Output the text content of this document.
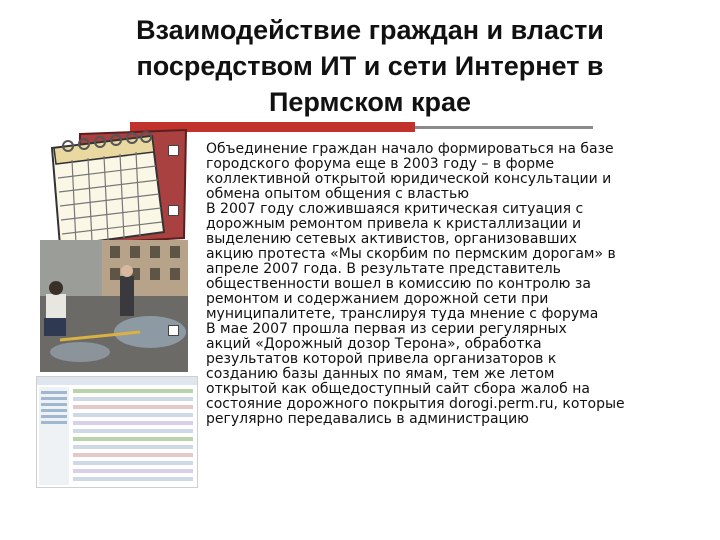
Взаимодействие граждан и власти
посредством ИТ и сети Интернет в
Пермском крае
Объединение граждан начало формироваться на базе
городского форума еще в 2003 году – в форме
коллективной открытой юридической консультации и
обмена опытом общения с властью
В 2007 году сложившаяся критическая ситуация с
дорожным ремонтом привела к кристаллизации и
выделению сетевых активистов, организовавших
акцию протеста «Мы скорбим по пермским дорогам» в
апреле 2007 года. В результате представитель
общественности вошел в комиссию по контролю за
ремонтом и содержанием дорожной сети при
муниципалитете, транслируя туда мнение с форума
В мае 2007 прошла первая из серии регулярных
акций «Дорожный дозор Терона», обработка
результатов которой привела организаторов к
созданию базы данных по ямам, тем же летом
открытой как общедоступный сайт сбора жалоб на
состояние дорожного покрытия dorogi.perm.ru, которые
регулярно передавались в администрацию
